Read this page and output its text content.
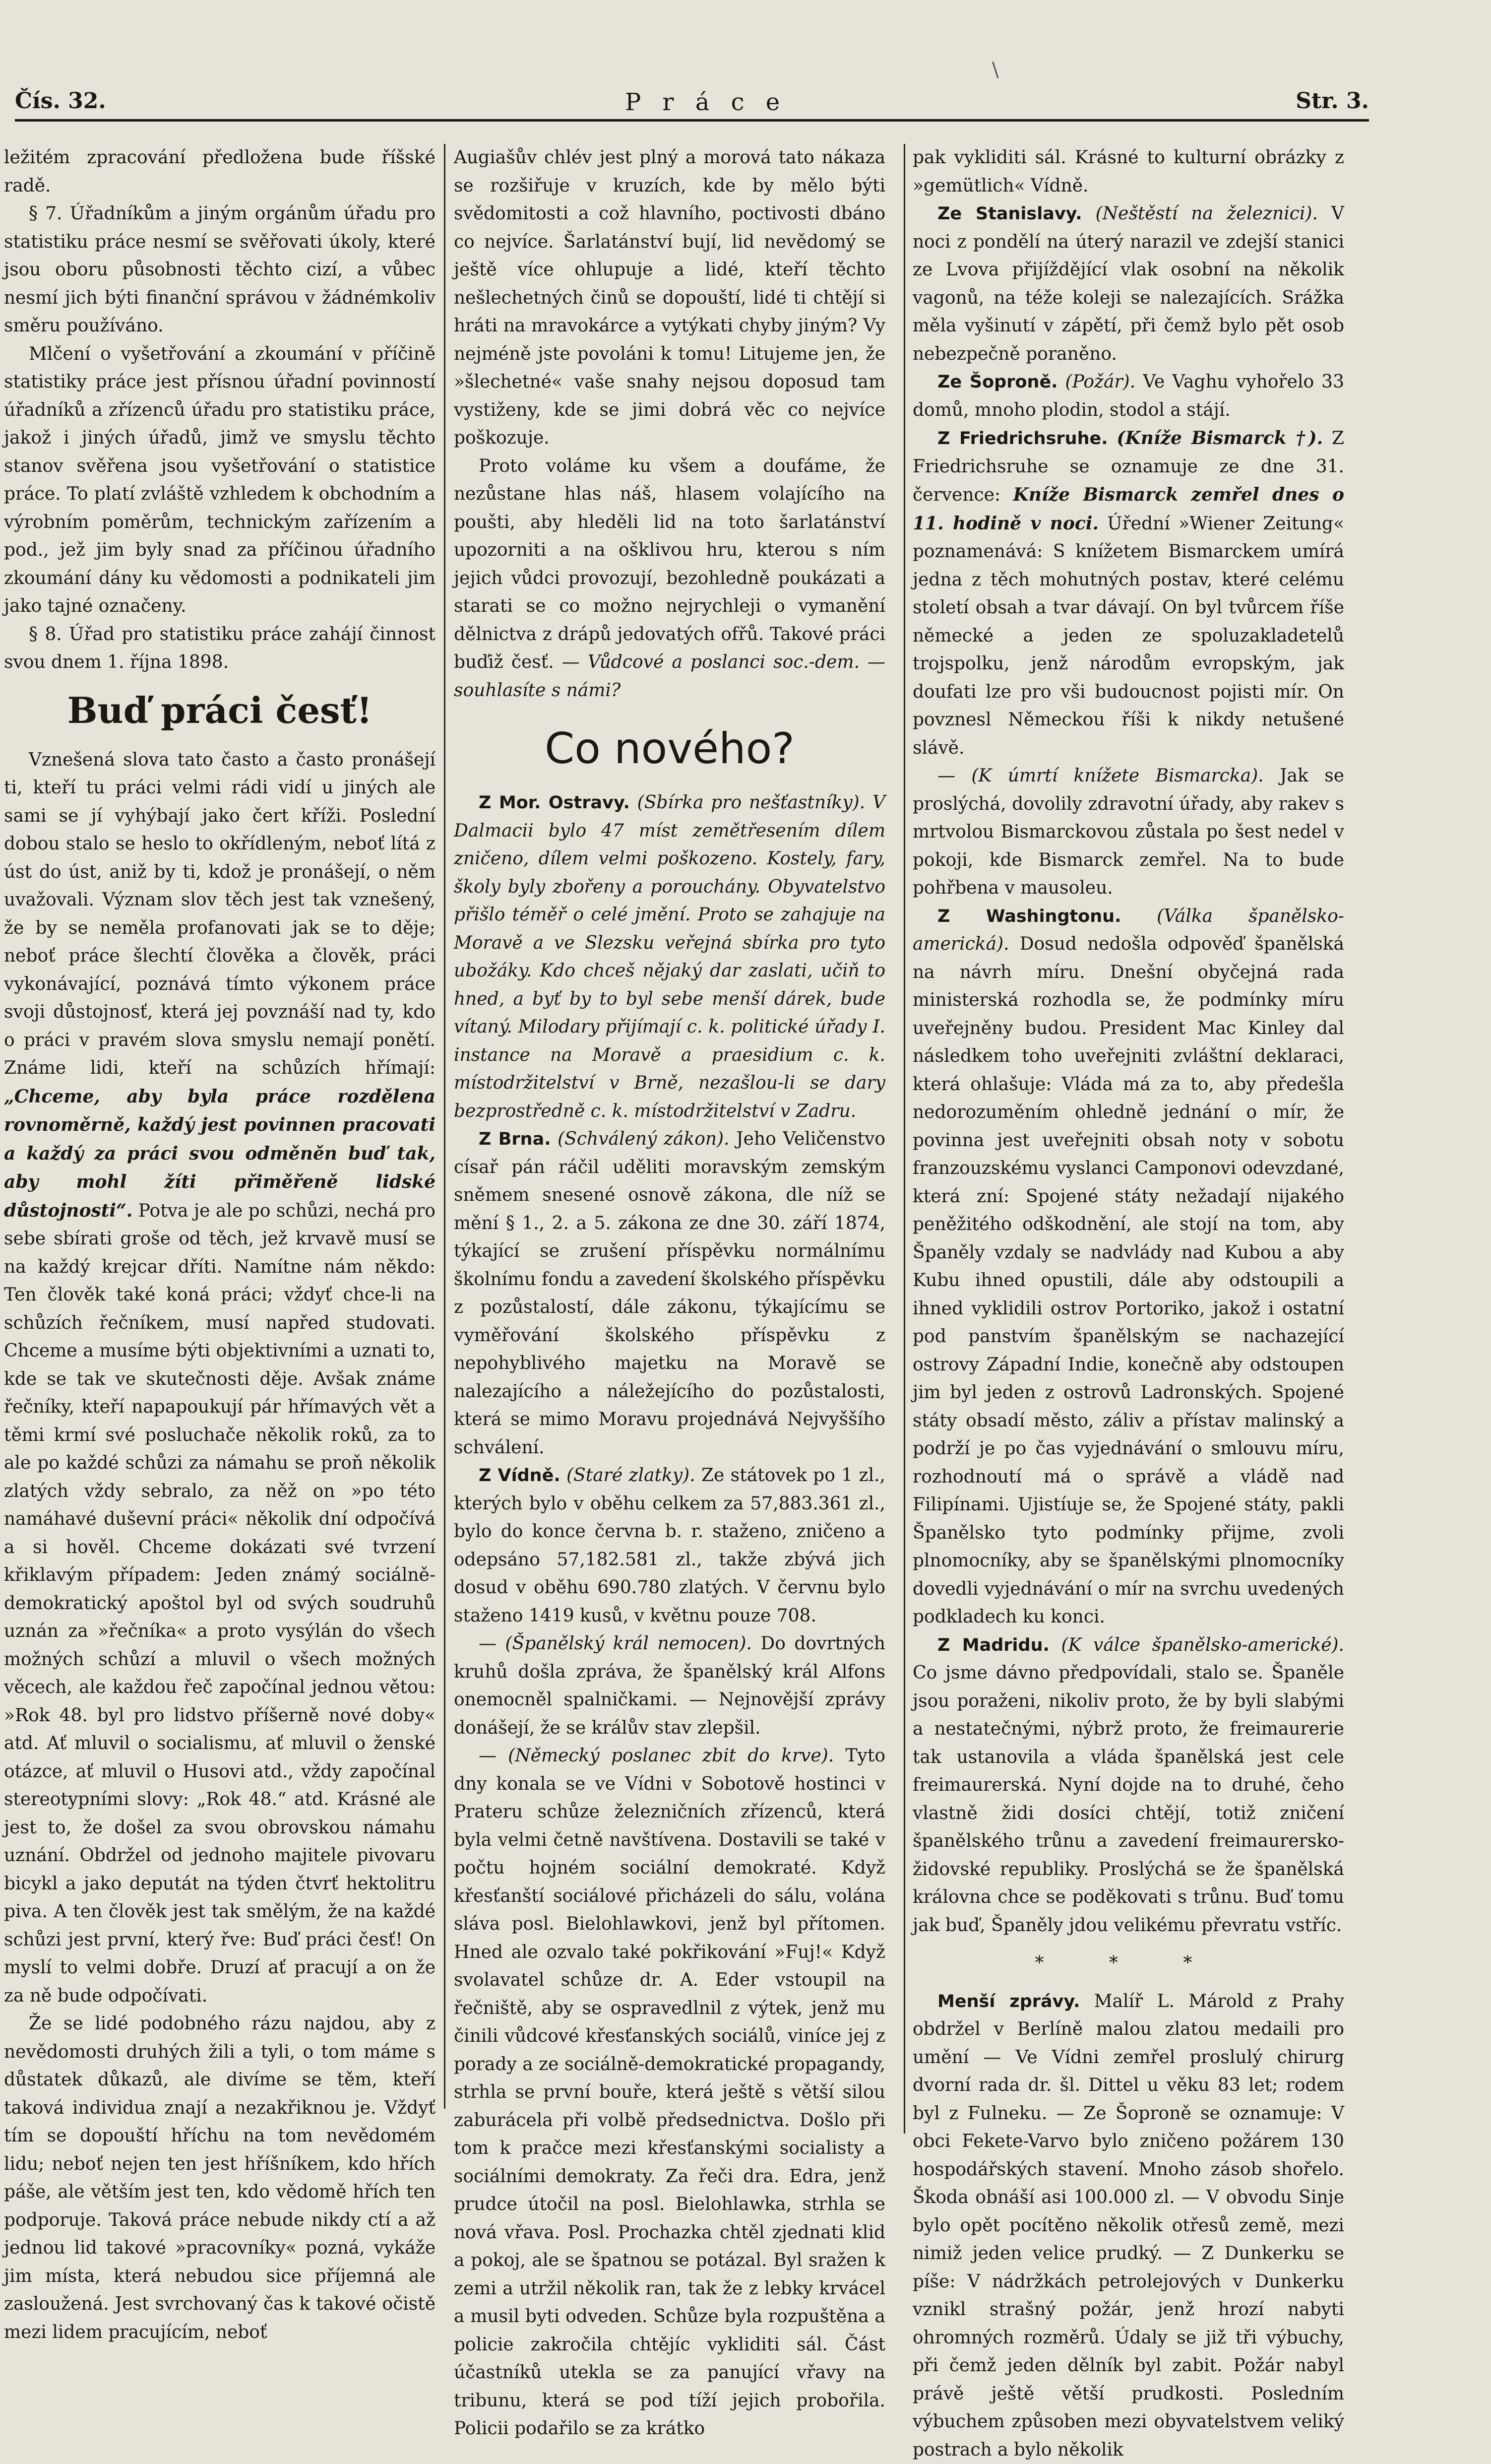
Čís. 32.	P r á c e	Str. 3.
\

ležitém zpracování předložena bude říšské radě.

§ 7. Úřadníkům a jiným orgánům úřadu pro statistiku práce nesmí se svěřovati úkoly, které jsou oboru působnosti těchto cizí, a vůbec nesmí jich býti finanční správou v žádnémkoliv směru používáno.

Mlčení o vyšetřování a zkoumání v příčině statistiky práce jest přísnou úřadní povinností úřadníků a zřízenců úřadu pro statistiku práce, jakož i jiných úřadů, jimž ve smyslu těchto stanov svěřena jsou vyšetřování o statistice práce. To platí zvláště vzhledem k obchodním a výrobním poměrům, technickým zařízením a pod., jež jim byly snad za příčinou úřadního zkoumání dány ku vědomosti a podnikateli jim jako tajné označeny.

§ 8. Úřad pro statistiku práce zahájí činnost svou dnem 1. října 1898.

Buď práci česť!

Vznešená slova tato často a často pronášejí ti, kteří tu práci velmi rádi vidí u jiných ale sami se jí vyhýbají jako čert kříži. Poslední dobou stalo se heslo to okřídleným, neboť lítá z úst do úst, aniž by ti, kdož je pronášejí, o něm uvažovali. Význam slov těch jest tak vznešený, že by se neměla profanovati jak se to děje; neboť práce šlechtí člověka a člověk, práci vykonávající, poznává tímto výkonem práce svoji důstojnosť, která jej povznáší nad ty, kdo o práci v pravém slova smyslu nemají ponětí. Známe lidi, kteří na schůzích hřímají: „Chceme, aby byla práce rozdělena rovnoměrně, každý jest povinnen pracovati a každý za práci svou odměněn buď tak, aby mohl žíti přiměřeně lidské důstojnosti“. Potva je ale po schůzi, nechá pro sebe sbírati groše od těch, jež krvavě musí se na každý krejcar dříti. Namítne nám někdo: Ten člověk také koná práci; vždyť chce-li na schůzích řečníkem, musí napřed studovati. Chceme a musíme býti objektivními a uznati to, kde se tak ve skutečnosti děje. Avšak známe řečníky, kteří napapoukují pár hřímavých vět a těmi krmí své posluchače několik roků, za to ale po každé schůzi za námahu se proň několik zlatých vždy sebralo, za něž on »po této namáhavé duševní práci« několik dní odpočívá a si hověl. Chceme dokázati své tvrzení křiklavým případem: Jeden známý sociálně-demokratický apoštol byl od svých soudruhů uznán za »řečníka« a proto vysýlán do všech možných schůzí a mluvil o všech možných věcech, ale každou řeč započínal jednou větou: »Rok 48. byl pro lidstvo příšerně nové doby« atd. Ať mluvil o socialismu, ať mluvil o ženské otázce, ať mluvil o Husovi atd., vždy započínal stereotypními slovy: „Rok 48.“ atd. Krásné ale jest to, že došel za svou obrovskou námahu uznání. Obdržel od jednoho majitele pivovaru bicykl a jako deputát na týden čtvrť hektolitru piva. A ten člověk jest tak smělým, že na každé schůzi jest první, který řve: Buď práci česť! On myslí to velmi dobře. Druzí ať pracují a on že za ně bude odpočívati.

Že se lidé podobného rázu najdou, aby z nevědomosti druhých žili a tyli, o tom máme s důstatek důkazů, ale divíme se těm, kteří taková individua znají a nezakřiknou je. Vždyť tím se dopouští hříchu na tom nevědomém lidu; neboť nejen ten jest hříšníkem, kdo hřích páše, ale větším jest ten, kdo vědomě hřích ten podporuje. Taková práce nebude nikdy ctí a až jednou lid takové »pracovníky« pozná, vykáže jim místa, která nebudou sice příjemná ale zasloužená. Jest svrchovaný čas k takové očistě mezi lidem pracujícím, neboť

Augiašův chlév jest plný a morová tato nákaza se rozšiřuje v kruzích, kde by mělo býti svědomitosti a což hlavního, poctivosti dbáno co nejvíce. Šarlatánství bují, lid nevědomý se ještě více ohlupuje a lidé, kteří těchto nešlechetných činů se dopouští, lidé ti chtějí si hráti na mravokárce a vytýkati chyby jiným? Vy nejméně jste povoláni k tomu! Litujeme jen, že »šlechetné« vaše snahy nejsou doposud tam vystiženy, kde se jimi dobrá věc co nejvíce poškozuje.

Proto voláme ku všem a doufáme, že nezůstane hlas náš, hlasem volajícího na poušti, aby hleděli lid na toto šarlatánství upozorniti a na ošklivou hru, kterou s ním jejich vůdci provozují, bezohledně poukázati a starati se co možno nejrychleji o vymanění dělnictva z drápů jedovatých ofřů. Takové práci buďiž česť. — Vůdcové a poslanci soc.-dem. — souhlasíte s námi?

Co nového?

Z Mor. Ostravy. (Sbírka pro nešťastníky). V Dalmacii bylo 47 míst zemětřesením dílem zničeno, dílem velmi poškozeno. Kostely, fary, školy byly zbořeny a porouchány. Obyvatelstvo přišlo téměř o celé jmění. Proto se zahajuje na Moravě a ve Slezsku veřejná sbírka pro tyto ubožáky. Kdo chceš nějaký dar zaslati, učiň to hned, a byť by to byl sebe menší dárek, bude vítaný. Milodary přijímají c. k. politické úřady I. instance na Moravě a praesidium c. k. místodržitelství v Brně, nezašlou-li se dary bezprostředně c. k. místodržitelství v Zadru.

Z Brna. (Schválený zákon). Jeho Veličenstvo císař pán ráčil uděliti moravským zemským sněmem snesené osnově zákona, dle níž se mění § 1., 2. a 5. zákona ze dne 30. září 1874, týkající se zrušení příspěvku normálnímu školnímu fondu a zavedení školského příspěvku z pozůstalostí, dále zákonu, týkajícímu se vyměřování školského příspěvku z nepohyblivého majetku na Moravě se nalezajícího a náležejícího do pozůstalosti, která se mimo Moravu projednává Nejvyššího schválení.

Z Vídně. (Staré zlatky). Ze státovek po 1 zl., kterých bylo v oběhu celkem za 57,883.361 zl., bylo do konce června b. r. staženo, zničeno a odepsáno 57,182.581 zl., takže zbývá jich dosud v oběhu 690.780 zlatých. V červnu bylo staženo 1419 kusů, v květnu pouze 708.

— (Španělský král nemocen). Do dovrtných kruhů došla zpráva, že španělský král Alfons onemocněl spalničkami. — Nejnovější zprávy donášejí, že se králův stav zlepšil.

— (Německý poslanec zbit do krve). Tyto dny konala se ve Vídni v Sobotově hostinci v Prateru schůze železničních zřízenců, která byla velmi četně navštívena. Dostavili se také v počtu hojném sociální demokraté. Když křesťanští sociálové přicházeli do sálu, volána sláva posl. Bielohlawkovi, jenž byl přítomen. Hned ale ozvalo také pokřikování »Fuj!« Když svolavatel schůze dr. A. Eder vstoupil na řečniště, aby se ospravedlnil z výtek, jenž mu činili vůdcové křesťanských sociálů, viníce jej z porady a ze sociálně-demokratické propagandy, strhla se první bouře, která ještě s větší silou zaburácela při volbě předsednictva. Došlo při tom k pračce mezi křesťanskými socialisty a sociálními demokraty. Za řeči dra. Edra, jenž prudce útočil na posl. Bielohlawka, strhla se nová vřava. Posl. Prochazka chtěl zjednati klid a pokoj, ale se špatnou se potázal. Byl sražen k zemi a utržil několik ran, tak že z lebky krvácel a musil byti odveden. Schůze byla rozpuštěna a policie zakročila chtějíc vykliditi sál. Část účastníků utekla se za panující vřavy na tribunu, která se pod tíží jejich probořila. Policii podařilo se za krátko

pak vykliditi sál. Krásné to kulturní obrázky z »gemütlich« Vídně.

Ze Stanislavy. (Neštěstí na železnici). V noci z pondělí na úterý narazil ve zdejší stanici ze Lvova přijíždějící vlak osobní na několik vagonů, na téže koleji se nalezajících. Srážka měla vyšinutí v zápětí, při čemž bylo pět osob nebezpečně poraněno.

Ze Šoproně. (Požár). Ve Vaghu vyhořelo 33 domů, mnoho plodin, stodol a stájí.

Z Friedrichsruhe. (Kníže Bismarck †). Z Friedrichsruhe se oznamuje ze dne 31. července: Kníže Bismarck zemřel dnes o 11. hodině v noci. Úřední »Wiener Zeitung« poznamenává: S knížetem Bismarckem umírá jedna z těch mohutných postav, které celému století obsah a tvar dávají. On byl tvůrcem říše německé a jeden ze spoluzakladetelů trojspolku, jenž národům evropským, jak doufati lze pro vši budoucnost pojisti mír. On povznesl Německou říši k nikdy netušené slávě.

— (K úmrtí knížete Bismarcka). Jak se proslýchá, dovolily zdravotní úřady, aby rakev s mrtvolou Bismarckovou zůstala po šest nedel v pokoji, kde Bismarck zemřel. Na to bude pohřbena v mausoleu.

Z Washingtonu. (Válka španělsko-americká). Dosud nedošla odpověď španělská na návrh míru. Dnešní obyčejná rada ministerská rozhodla se, že podmínky míru uveřejněny budou. President Mac Kinley dal následkem toho uveřejniti zvláštní deklaraci, která ohlašuje: Vláda má za to, aby předešla nedorozuměním ohledně jednání o mír, že povinna jest uveřejniti obsah noty v sobotu franzouzskému vyslanci Camponovi odevzdané, která zní: Spojené státy nežadají nijakého peněžitého odškodnění, ale stojí na tom, aby Španěly vzdaly se nadvlády nad Kubou a aby Kubu ihned opustili, dále aby odstoupili a ihned vyklidili ostrov Portoriko, jakož i ostatní pod panstvím španělským se nachazející ostrovy Západní Indie, konečně aby odstoupen jim byl jeden z ostrovů Ladronských. Spojené státy obsadí město, záliv a přístav malinský a podrží je po čas vyjednávání o smlouvu míru, rozhodnoutí má o správě a vládě nad Filipínami. Ujistíuje se, že Spojené státy, pakli Španělsko tyto podmínky přijme, zvoli plnomocníky, aby se španělskými plnomocníky dovedli vyjednávání o mír na svrchu uvedených podkladech ku konci.

Z Madridu. (K válce španělsko-americké). Co jsme dávno předpovídali, stalo se. Španěle jsou poraženi, nikoliv proto, že by byli slabými a nestatečnými, nýbrž proto, že freimaurerie tak ustanovila a vláda španělská jest cele freimaurerská. Nyní dojde na to druhé, čeho vlastně židi dosíci chtějí, totiž zničení španělského trůnu a zavedení freimaurersko-židovské republiky. Proslýchá se že španělská královna chce se poděkovati s trůnu. Buď tomu jak buď, Španěly jdou velikému převratu vstříc.

* * *

Menší zprávy. Malíř L. Márold z Prahy obdržel v Berlíně malou zlatou medaili pro umění — Ve Vídni zemřel proslulý chirurg dvorní rada dr. šl. Dittel u věku 83 let; rodem byl z Fulneku. — Ze Šoproně se oznamuje: V obci Fekete-Varvo bylo zničeno požárem 130 hospodářských stavení. Mnoho zásob shořelo. Škoda obnáší asi 100.000 zl. — V obvodu Sinje bylo opět pocítěno několik otřesů země, mezi nimiž jeden velice prudký. — Z Dunkerku se píše: V nádržkách petrolejových v Dunkerku vznikl strašný požár, jenž hrozí nabyti ohromných rozměrů. Údaly se již tři výbuchy, při čemž jeden dělník byl zabit. Požár nabyl právě ještě větší prudkosti. Posledním výbuchem způsoben mezi obyvatelstvem veliký postrach a bylo několik
